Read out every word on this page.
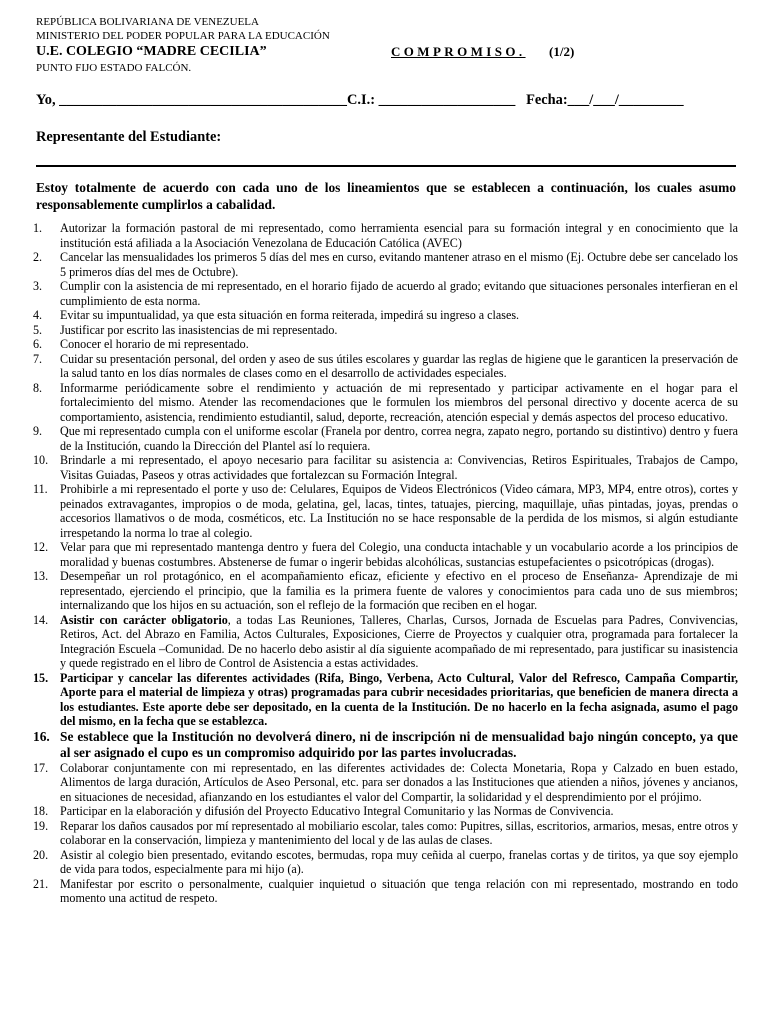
REPÚBLICA BOLIVARIANA DE VENEZUELA
MINISTERIO DEL PODER POPULAR PARA LA EDUCACIÓN
U.E. COLEGIO “MADRE CECILIA”	COMPROMISO. (1/2)
PUNTO FIJO ESTADO FALCÓN.
Yo, ________________________________________C.I.: ___________________ Fecha:___/___/_________
Representante del Estudiante:
Estoy totalmente de acuerdo con cada uno de los lineamientos que se establecen a continuación, los cuales asumo responsablemente cumplirlos a cabalidad.
1.	Autorizar la formación pastoral de mi representado, como herramienta esencial para su formación integral y en conocimiento que la institución está afiliada a la Asociación Venezolana de Educación Católica (AVEC)
2.	Cancelar las mensualidades los primeros 5 días del mes en curso, evitando mantener atraso en el mismo (Ej. Octubre debe ser cancelado los 5 primeros días del mes de Octubre).
3.	Cumplir con la asistencia de mi representado, en el horario fijado de acuerdo al grado; evitando que situaciones personales interfieran en el cumplimiento de esta norma.
4.	Evitar su impuntualidad, ya que esta situación en forma reiterada, impedirá su ingreso a clases.
5.	Justificar por escrito las inasistencias de mi representado.
6.	Conocer el horario de mi representado.
7.	Cuidar su presentación personal, del orden y aseo de sus útiles escolares y guardar las reglas de higiene que le garanticen la preservación de la salud tanto en los días normales de clases como en el desarrollo de actividades especiales.
8.	Informarme periódicamente sobre el rendimiento y actuación de mi representado y participar activamente en el hogar para el fortalecimiento del mismo. Atender las recomendaciones que le formulen los miembros del personal directivo y docente acerca de su comportamiento, asistencia, rendimiento estudiantil, salud, deporte, recreación, atención especial y demás aspectos del proceso educativo.
9.	Que mi representado cumpla con el uniforme escolar (Franela por dentro, correa negra, zapato negro, portando su distintivo) dentro y fuera de la Institución, cuando la Dirección del Plantel así lo requiera.
10. Brindarle a mi representado, el apoyo necesario para facilitar su asistencia a: Convivencias, Retiros Espirituales, Trabajos de Campo, Visitas Guiadas, Paseos y otras actividades que fortalezcan su Formación Integral.
11.	Prohibirle a mi representado el porte y uso de: Celulares, Equipos de Videos Electrónicos (Video cámara, MP3, MP4, entre otros), cortes y peinados extravagantes, impropios o de moda, gelatina, gel, lacas, tintes, tatuajes, piercing, maquillaje, uñas pintadas, joyas, prendas o accesorios llamativos o de moda, cosméticos, etc. La Institución no se hace responsable de la perdida de los mismos, si algún estudiante irrespetando la norma lo trae al colegio.
12. Velar para que mi representado mantenga dentro y fuera del Colegio, una conducta intachable y un vocabulario acorde a los principios de moralidad y buenas costumbres. Abstenerse de fumar o ingerir bebidas alcohólicas, sustancias estupefacientes o psicotrópicas (drogas).
13. Desempeñar un rol protagónico, en el acompañamiento eficaz, eficiente y efectivo en el proceso de Enseñanza- Aprendizaje de mi representado, ejerciendo el principio, que la familia es la primera fuente de valores y conocimientos para cada uno de sus miembros; internalizando que los hijos en su actuación, son el reflejo de la formación que reciben en el hogar.
14. Asistir con carácter obligatorio, a todas Las Reuniones, Talleres, Charlas, Cursos, Jornada de Escuelas para Padres, Convivencias, Retiros, Act. del Abrazo en Familia, Actos Culturales, Exposiciones, Cierre de Proyectos y cualquier otra, programada para fortalecer la Integración Escuela –Comunidad. De no hacerlo debo asistir al día siguiente acompañado de mi representado, para justificar su inasistencia y quede registrado en el libro de Control de Asistencia a estas actividades.
15. Participar y cancelar las diferentes actividades (Rifa, Bingo, Verbena, Acto Cultural, Valor del Refresco, Campaña Compartir, Aporte para el material de limpieza y otras) programadas para cubrir necesidades prioritarias, que beneficien de manera directa a los estudiantes. Este aporte debe ser depositado, en la cuenta de la Institución. De no hacerlo en la fecha asignada, asumo el pago del mismo, en la fecha que se establezca.
16. Se establece que la Institución no devolverá dinero, ni de inscripción ni de mensualidad bajo ningún concepto, ya que al ser asignado el cupo es un compromiso adquirido por las partes involucradas.
17. Colaborar conjuntamente con mi representado, en las diferentes actividades de: Colecta Monetaria, Ropa y Calzado en buen estado, Alimentos de larga duración, Artículos de Aseo Personal, etc. para ser donados a las Instituciones que atienden a niños, jóvenes y ancianos, en situaciones de necesidad, afianzando en los estudiantes el valor del Compartir, la solidaridad y el desprendimiento por el prójimo.
18. Participar en la elaboración y difusión del Proyecto Educativo Integral Comunitario y las Normas de Convivencia.
19. Reparar los daños causados por mí representado al mobiliario escolar, tales como: Pupitres, sillas, escritorios, armarios, mesas, entre otros y colaborar en la conservación, limpieza y mantenimiento del local y de las aulas de clases.
20. Asistir al colegio bien presentado, evitando escotes, bermudas, ropa muy ceñida al cuerpo, franelas cortas y de tiritos, ya que soy ejemplo de vida para todos, especialmente para mi hijo (a).
21. Manifestar por escrito o personalmente, cualquier inquietud o situación que tenga relación con mi representado, mostrando en todo momento una actitud de respeto.
